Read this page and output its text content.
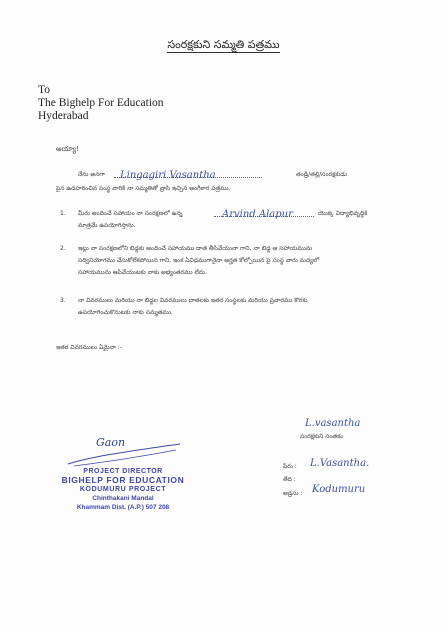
సంరక్షకుని సమ్మతి పత్రము
To
The Bighelp For Education
Hyderabad
అయ్యా!
నేను అనగా	Lingagiri Vasantha	తండ్రి/తల్లి/సంరక్షకుడు
పైన ఉదహరించిన సంస్థ వారికి నా సమ్మతితో వ్రాసి ఇచ్చిన అంగీకార పత్రము.
1. మీరు అందించే సహాయం నా సంరక్షణలో ఉన్న	Arvind Alapur	యొక్క విద్యాభివృద్ధికి
మాత్రమే ఉపయోగిస్తాను.
2. ఇట్లు నా సంరక్షణలోని బిడ్డకు అందించే సహాయము దాత తీసివేయునా గాని, నా బిడ్డ ఆ సహాయమును
సద్వినియోగము చేసుకోలేకపోయిన గాని, ఇంక ఏవిధముగానైనా అర్హత కోల్పోయిన పై సంస్థ వారు మద్యలో
సహాయమును ఆపివేయుటకు నాకు అభ్యంతరము లేదు.
3. నా వివరములు మరియు నా బిడ్డల వివరములు దాతలకు ఇతర సంస్థలకు మరియు ప్రచారము కొరకు
ఉపయోగించుకొనుటకు నాకు సమ్మతము.
ఇతర వివరములు ఏమైనా :-
L.vasantha
సంరక్షకుని సంతకం
పేరు : L.Vasantha.
తేది :
అడ్రసు : Kodumuru
Gaon
PROJECT DIRECTOR
BIGHELP FOR EDUCATION
KODUMURU PROJECT
Chinthakani Mandal
Khammam Dist. (A.P.) 507 208
